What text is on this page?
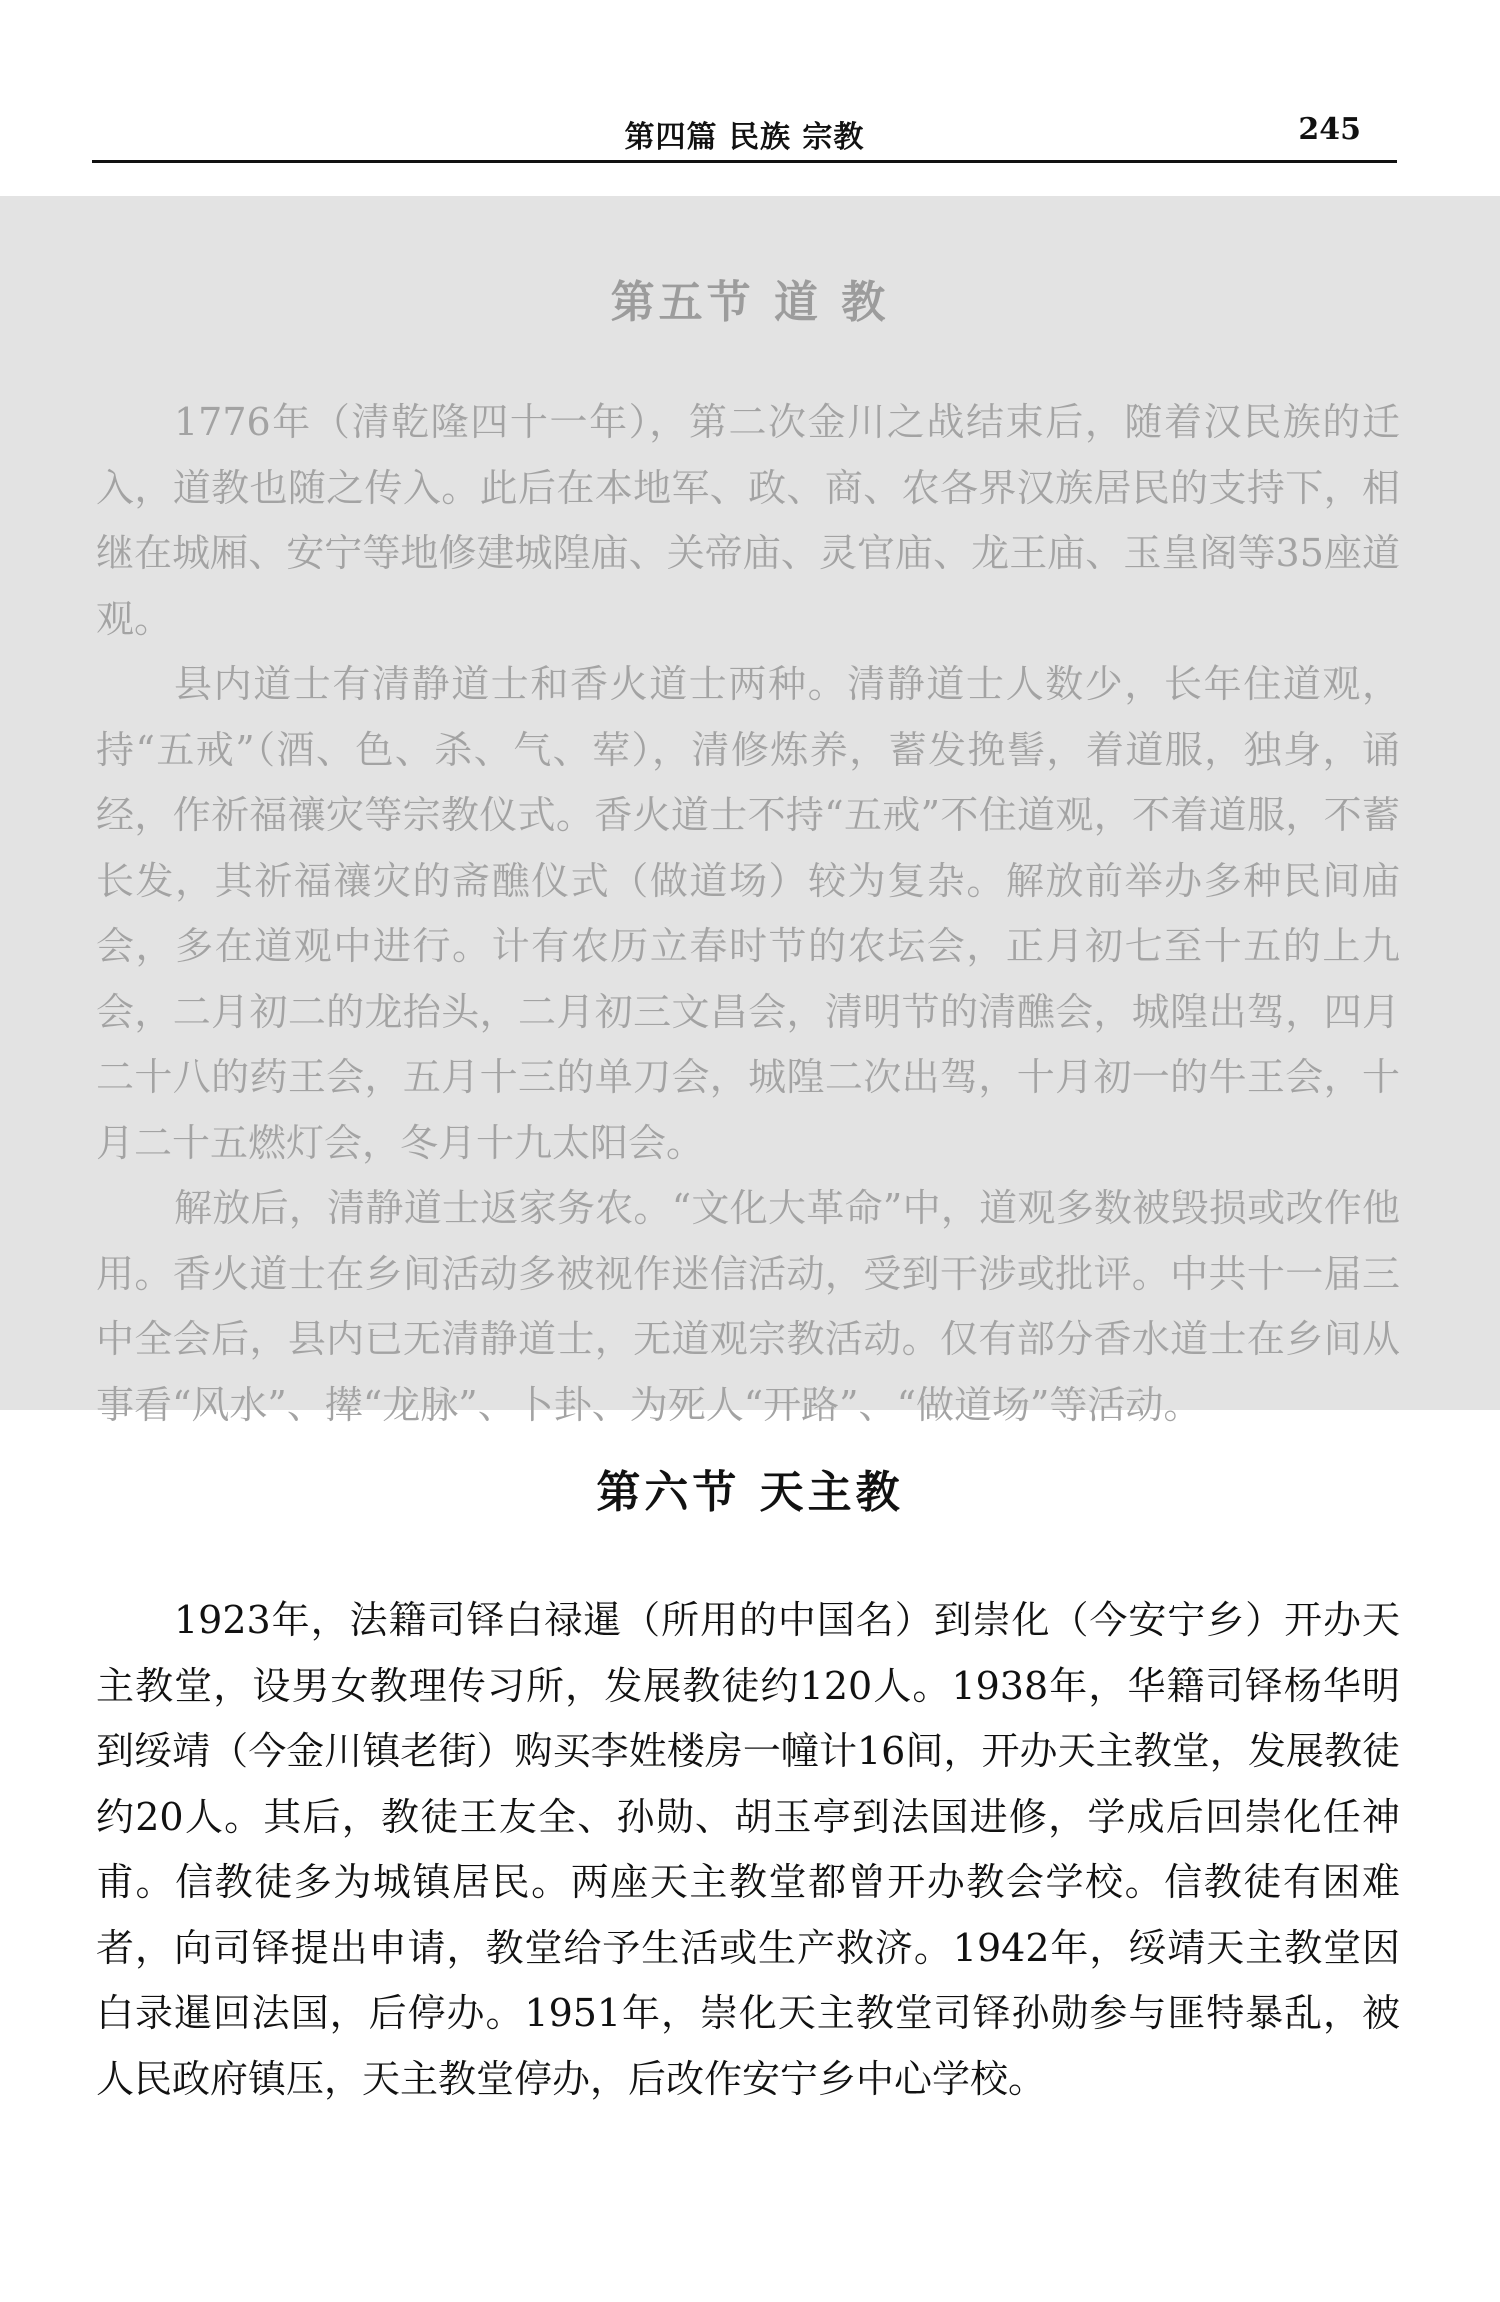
第四篇 民族 宗教	245
第五节 道 教

1776年（清乾隆四十一年），第二次金川之战结束后，随着汉民族的迁入，道教也随之传入。此后在本地军、政、商、农各界汉族居民的支持下，相继在城厢、安宁等地修建城隍庙、关帝庙、灵官庙、龙王庙、玉皇阁等35座道观。

县内道士有清静道士和香火道士两种。清静道士人数少，长年住道观，持“五戒”（酒、色、杀、气、荤），清修炼养，蓄发挽髻，着道服，独身，诵经，作祈福禳灾等宗教仪式。香火道士不持“五戒”不住道观，不着道服，不蓄长发，其祈福禳灾的斋醮仪式（做道场）较为复杂。解放前举办多种民间庙会，多在道观中进行。计有农历立春时节的农坛会，正月初七至十五的上九会，二月初二的龙抬头，二月初三文昌会，清明节的清醮会，城隍出驾，四月二十八的药王会，五月十三的单刀会，城隍二次出驾，十月初一的牛王会，十月二十五燃灯会，冬月十九太阳会。

解放后，清静道士返家务农。“文化大革命”中，道观多数被毁损或改作他用。香火道士在乡间活动多被视作迷信活动，受到干涉或批评。中共十一届三中全会后，县内已无清静道士，无道观宗教活动。仅有部分香水道士在乡间从事看“风水”、撵“龙脉”、卜卦、为死人“开路”、“做道场”等活动。

第六节 天主教

1923年，法籍司铎白禄暹（所用的中国名）到崇化（今安宁乡）开办天主教堂，设男女教理传习所，发展教徒约120人。1938年，华籍司铎杨华明到绥靖（今金川镇老街）购买李姓楼房一幢计16间，开办天主教堂，发展教徒约20人。其后，教徒王友全、孙勋、胡玉亭到法国进修，学成后回崇化任神甫。信教徒多为城镇居民。两座天主教堂都曾开办教会学校。信教徒有困难者，向司铎提出申请，教堂给予生活或生产救济。1942年，绥靖天主教堂因白录暹回法国，后停办。1951年，崇化天主教堂司铎孙勋参与匪特暴乱，被人民政府镇压，天主教堂停办，后改作安宁乡中心学校。
